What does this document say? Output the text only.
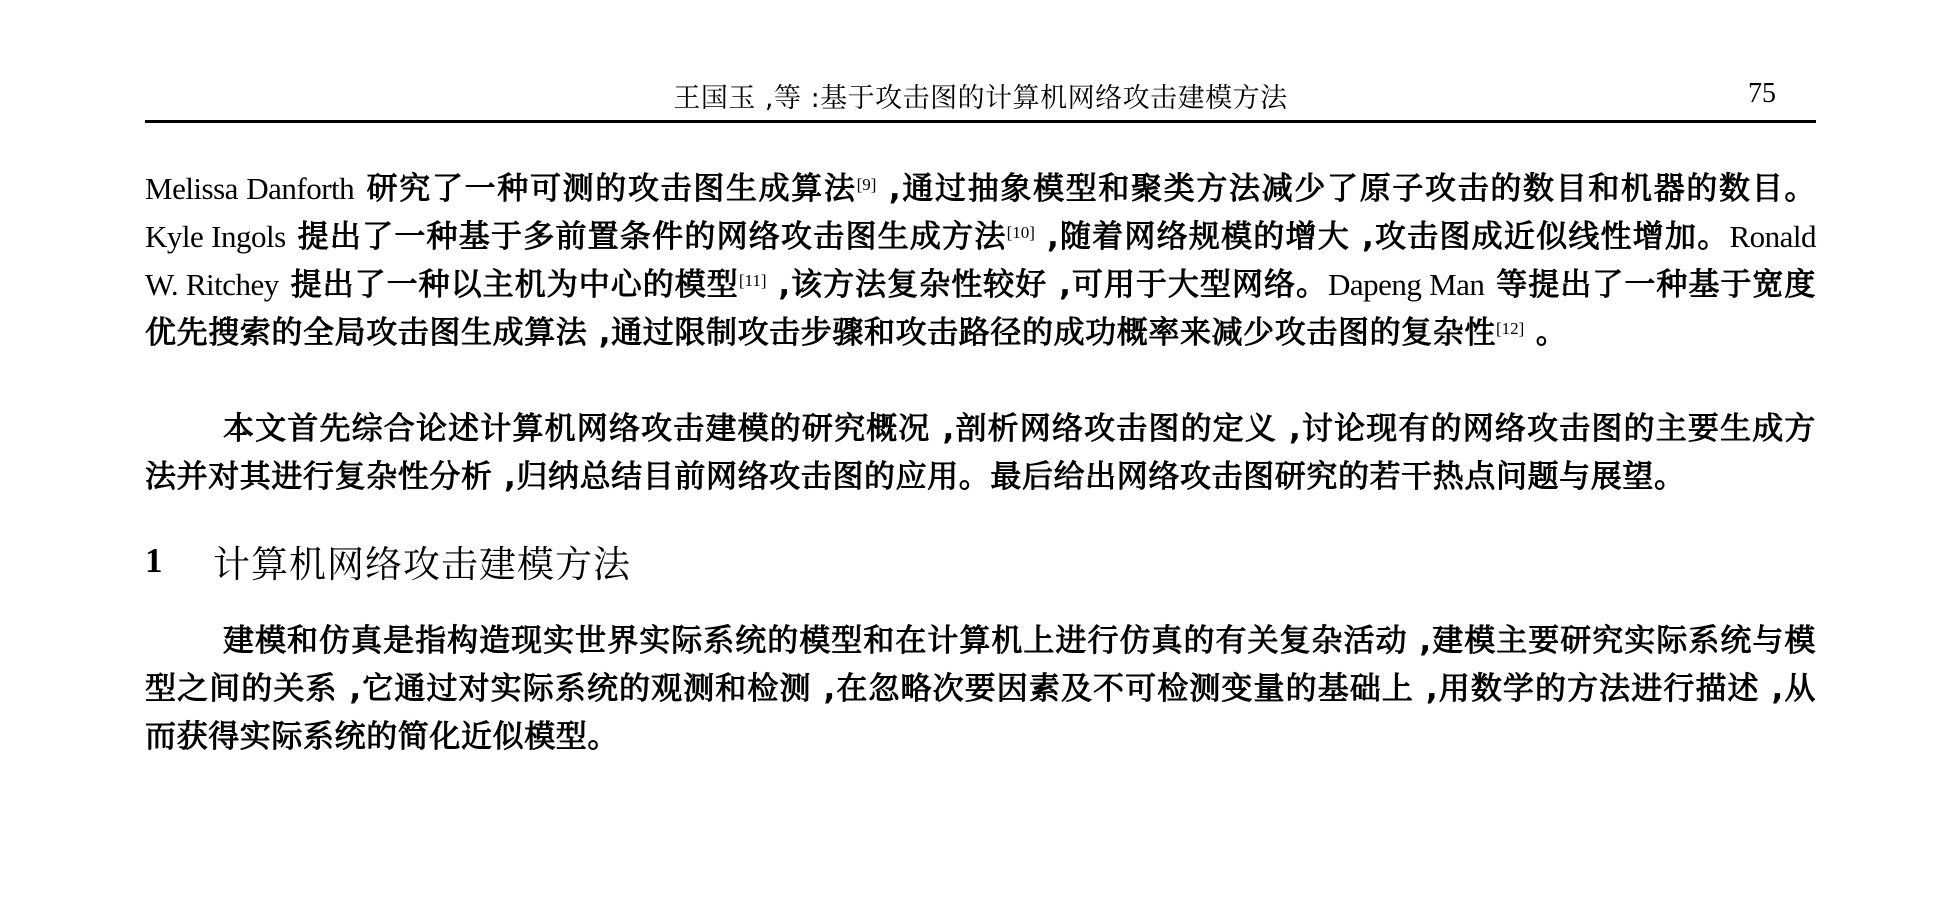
王国玉 ,等 :基于攻击图的计算机网络攻击建模方法	75

Melissa Danforth 研究了一种可测的攻击图生成算法[9] ,通过抽象模型和聚类方法减少了原子攻击的数目和机器的数目。Kyle Ingols 提出了一种基于多前置条件的网络攻击图生成方法[10] ,随着网络规模的增大 ,攻击图成近似线性增加。Ronald W. Ritchey 提出了一种以主机为中心的模型[11] ,该方法复杂性较好 ,可用于大型网络。Dapeng Man 等提出了一种基于宽度优先搜索的全局攻击图生成算法 ,通过限制攻击步骤和攻击路径的成功概率来减少攻击图的复杂性[12] 。

本文首先综合论述计算机网络攻击建模的研究概况 ,剖析网络攻击图的定义 ,讨论现有的网络攻击图的主要生成方法并对其进行复杂性分析 ,归纳总结目前网络攻击图的应用。最后给出网络攻击图研究的若干热点问题与展望。

1	计算机网络攻击建模方法

建模和仿真是指构造现实世界实际系统的模型和在计算机上进行仿真的有关复杂活动 ,建模主要研究实际系统与模型之间的关系 ,它通过对实际系统的观测和检测 ,在忽略次要因素及不可检测变量的基础上 ,用数学的方法进行描述 ,从而获得实际系统的简化近似模型。
